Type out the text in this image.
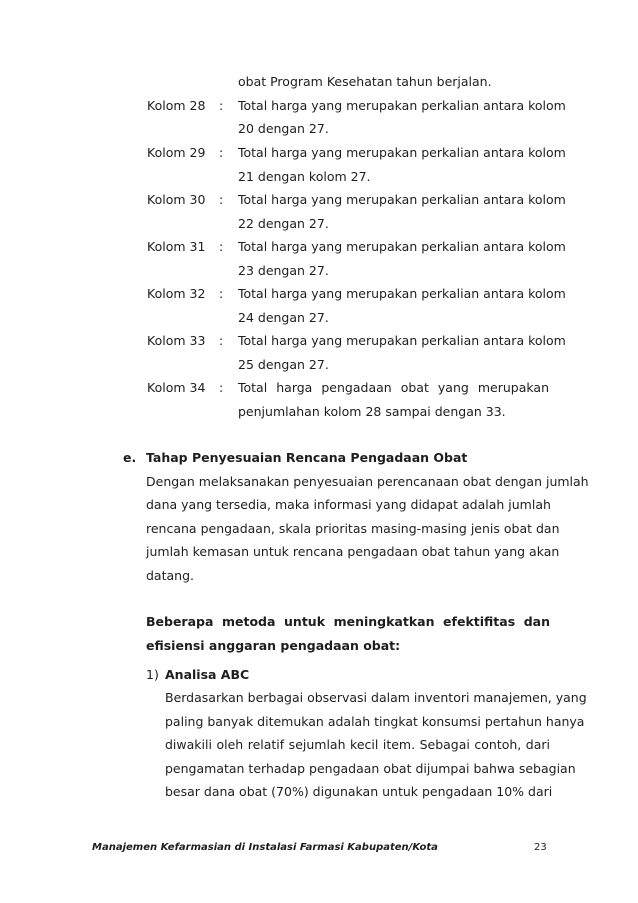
obat Program Kesehatan tahun berjalan.
Kolom 28 : Total harga yang merupakan perkalian antara kolom
20 dengan 27.
Kolom 29 : Total harga yang merupakan perkalian antara kolom
21 dengan kolom 27.
Kolom 30 : Total harga yang merupakan perkalian antara kolom
22 dengan 27.
Kolom 31 : Total harga yang merupakan perkalian antara kolom
23 dengan 27.
Kolom 32 : Total harga yang merupakan perkalian antara kolom
24 dengan 27.
Kolom 33 : Total harga yang merupakan perkalian antara kolom
25 dengan 27.
Kolom 34 : Total harga pengadaan obat yang merupakan
penjumlahan kolom 28 sampai dengan 33.
e. Tahap Penyesuaian Rencana Pengadaan Obat
Dengan melaksanakan penyesuaian perencanaan obat dengan jumlah
dana yang tersedia, maka informasi yang didapat adalah jumlah
rencana pengadaan, skala prioritas masing-masing jenis obat dan
jumlah kemasan untuk rencana pengadaan obat tahun yang akan
datang.
Beberapa metoda untuk meningkatkan efektifitas dan
efisiensi anggaran pengadaan obat:
1) Analisa ABC
Berdasarkan berbagai observasi dalam inventori manajemen, yang
paling banyak ditemukan adalah tingkat konsumsi pertahun hanya
diwakili oleh relatif sejumlah kecil item. Sebagai contoh, dari
pengamatan terhadap pengadaan obat dijumpai bahwa sebagian
besar dana obat (70%) digunakan untuk pengadaan 10% dari
Manajemen Kefarmasian di Instalasi Farmasi Kabupaten/Kota	23
